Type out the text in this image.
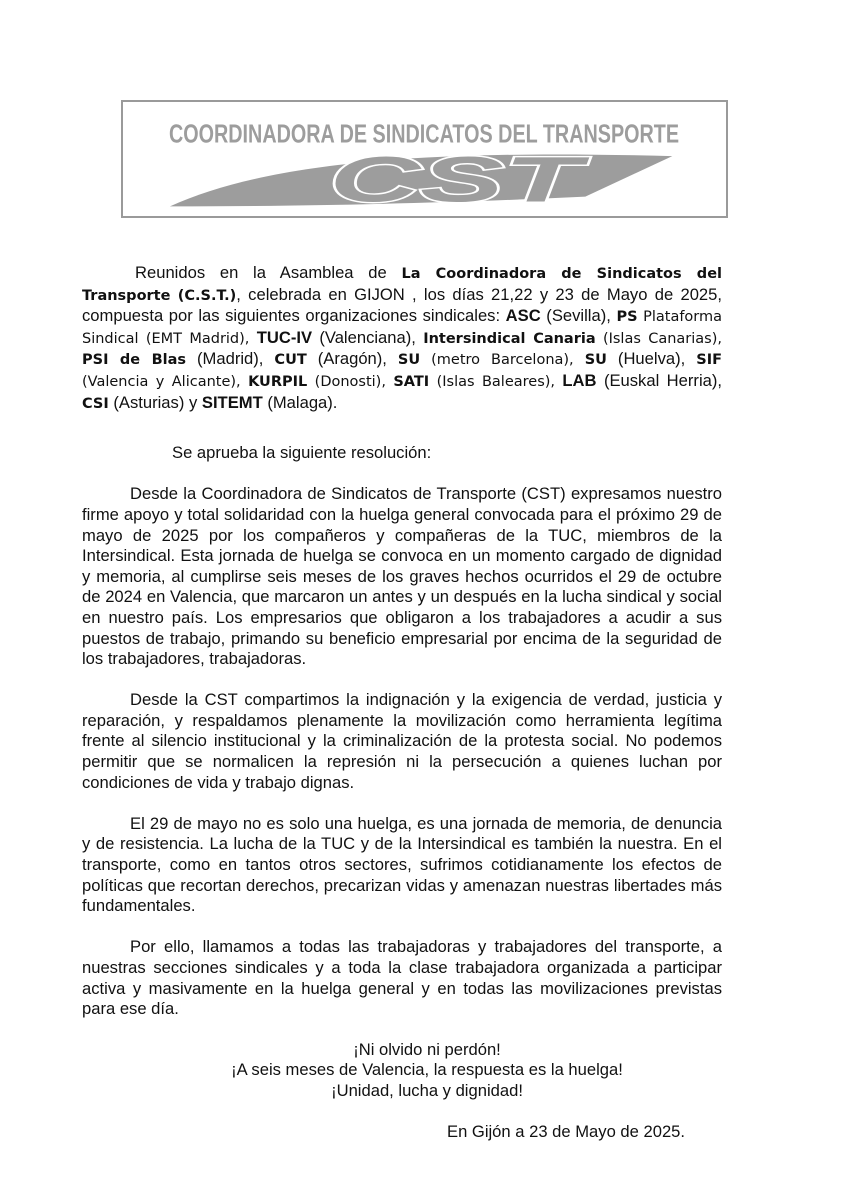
COORDINADORA DE SINDICATOS DEL TRANSPORTE
CST

Reunidos en la Asamblea de La Coordinadora de Sindicatos del Transporte (C.S.T.), celebrada en GIJON , los días 21,22 y 23 de Mayo de 2025, compuesta por las siguientes organizaciones sindicales: ASC (Sevilla), PS Plataforma Sindical (EMT Madrid), TUC-IV (Valenciana), Intersindical Canaria (Islas Canarias), PSI de Blas (Madrid), CUT (Aragón), SU (metro Barcelona), SU (Huelva), SIF (Valencia y Alicante), KURPIL (Donosti), SATI (Islas Baleares), LAB (Euskal Herria), CSI (Asturias) y SITEMT (Malaga).

Se aprueba la siguiente resolución:

Desde la Coordinadora de Sindicatos de Transporte (CST) expresamos nuestro firme apoyo y total solidaridad con la huelga general convocada para el próximo 29 de mayo de 2025 por los compañeros y compañeras de la TUC, miembros de la Intersindical. Esta jornada de huelga se convoca en un momento cargado de dignidad y memoria, al cumplirse seis meses de los graves hechos ocurridos el 29 de octubre de 2024 en Valencia, que marcaron un antes y un después en la lucha sindical y social en nuestro país. Los empresarios que obligaron a los trabajadores a acudir a sus puestos de trabajo, primando su beneficio empresarial por encima de la seguridad de los trabajadores, trabajadoras.

Desde la CST compartimos la indignación y la exigencia de verdad, justicia y reparación, y respaldamos plenamente la movilización como herramienta legítima frente al silencio institucional y la criminalización de la protesta social. No podemos permitir que se normalicen la represión ni la persecución a quienes luchan por condiciones de vida y trabajo dignas.

El 29 de mayo no es solo una huelga, es una jornada de memoria, de denuncia y de resistencia. La lucha de la TUC y de la Intersindical es también la nuestra. En el transporte, como en tantos otros sectores, sufrimos cotidianamente los efectos de políticas que recortan derechos, precarizan vidas y amenazan nuestras libertades más fundamentales.

Por ello, llamamos a todas las trabajadoras y trabajadores del transporte, a nuestras secciones sindicales y a toda la clase trabajadora organizada a participar activa y masivamente en la huelga general y en todas las movilizaciones previstas para ese día.

¡Ni olvido ni perdón!
¡A seis meses de Valencia, la respuesta es la huelga!
¡Unidad, lucha y dignidad!
En Gijón a 23 de Mayo de 2025.
